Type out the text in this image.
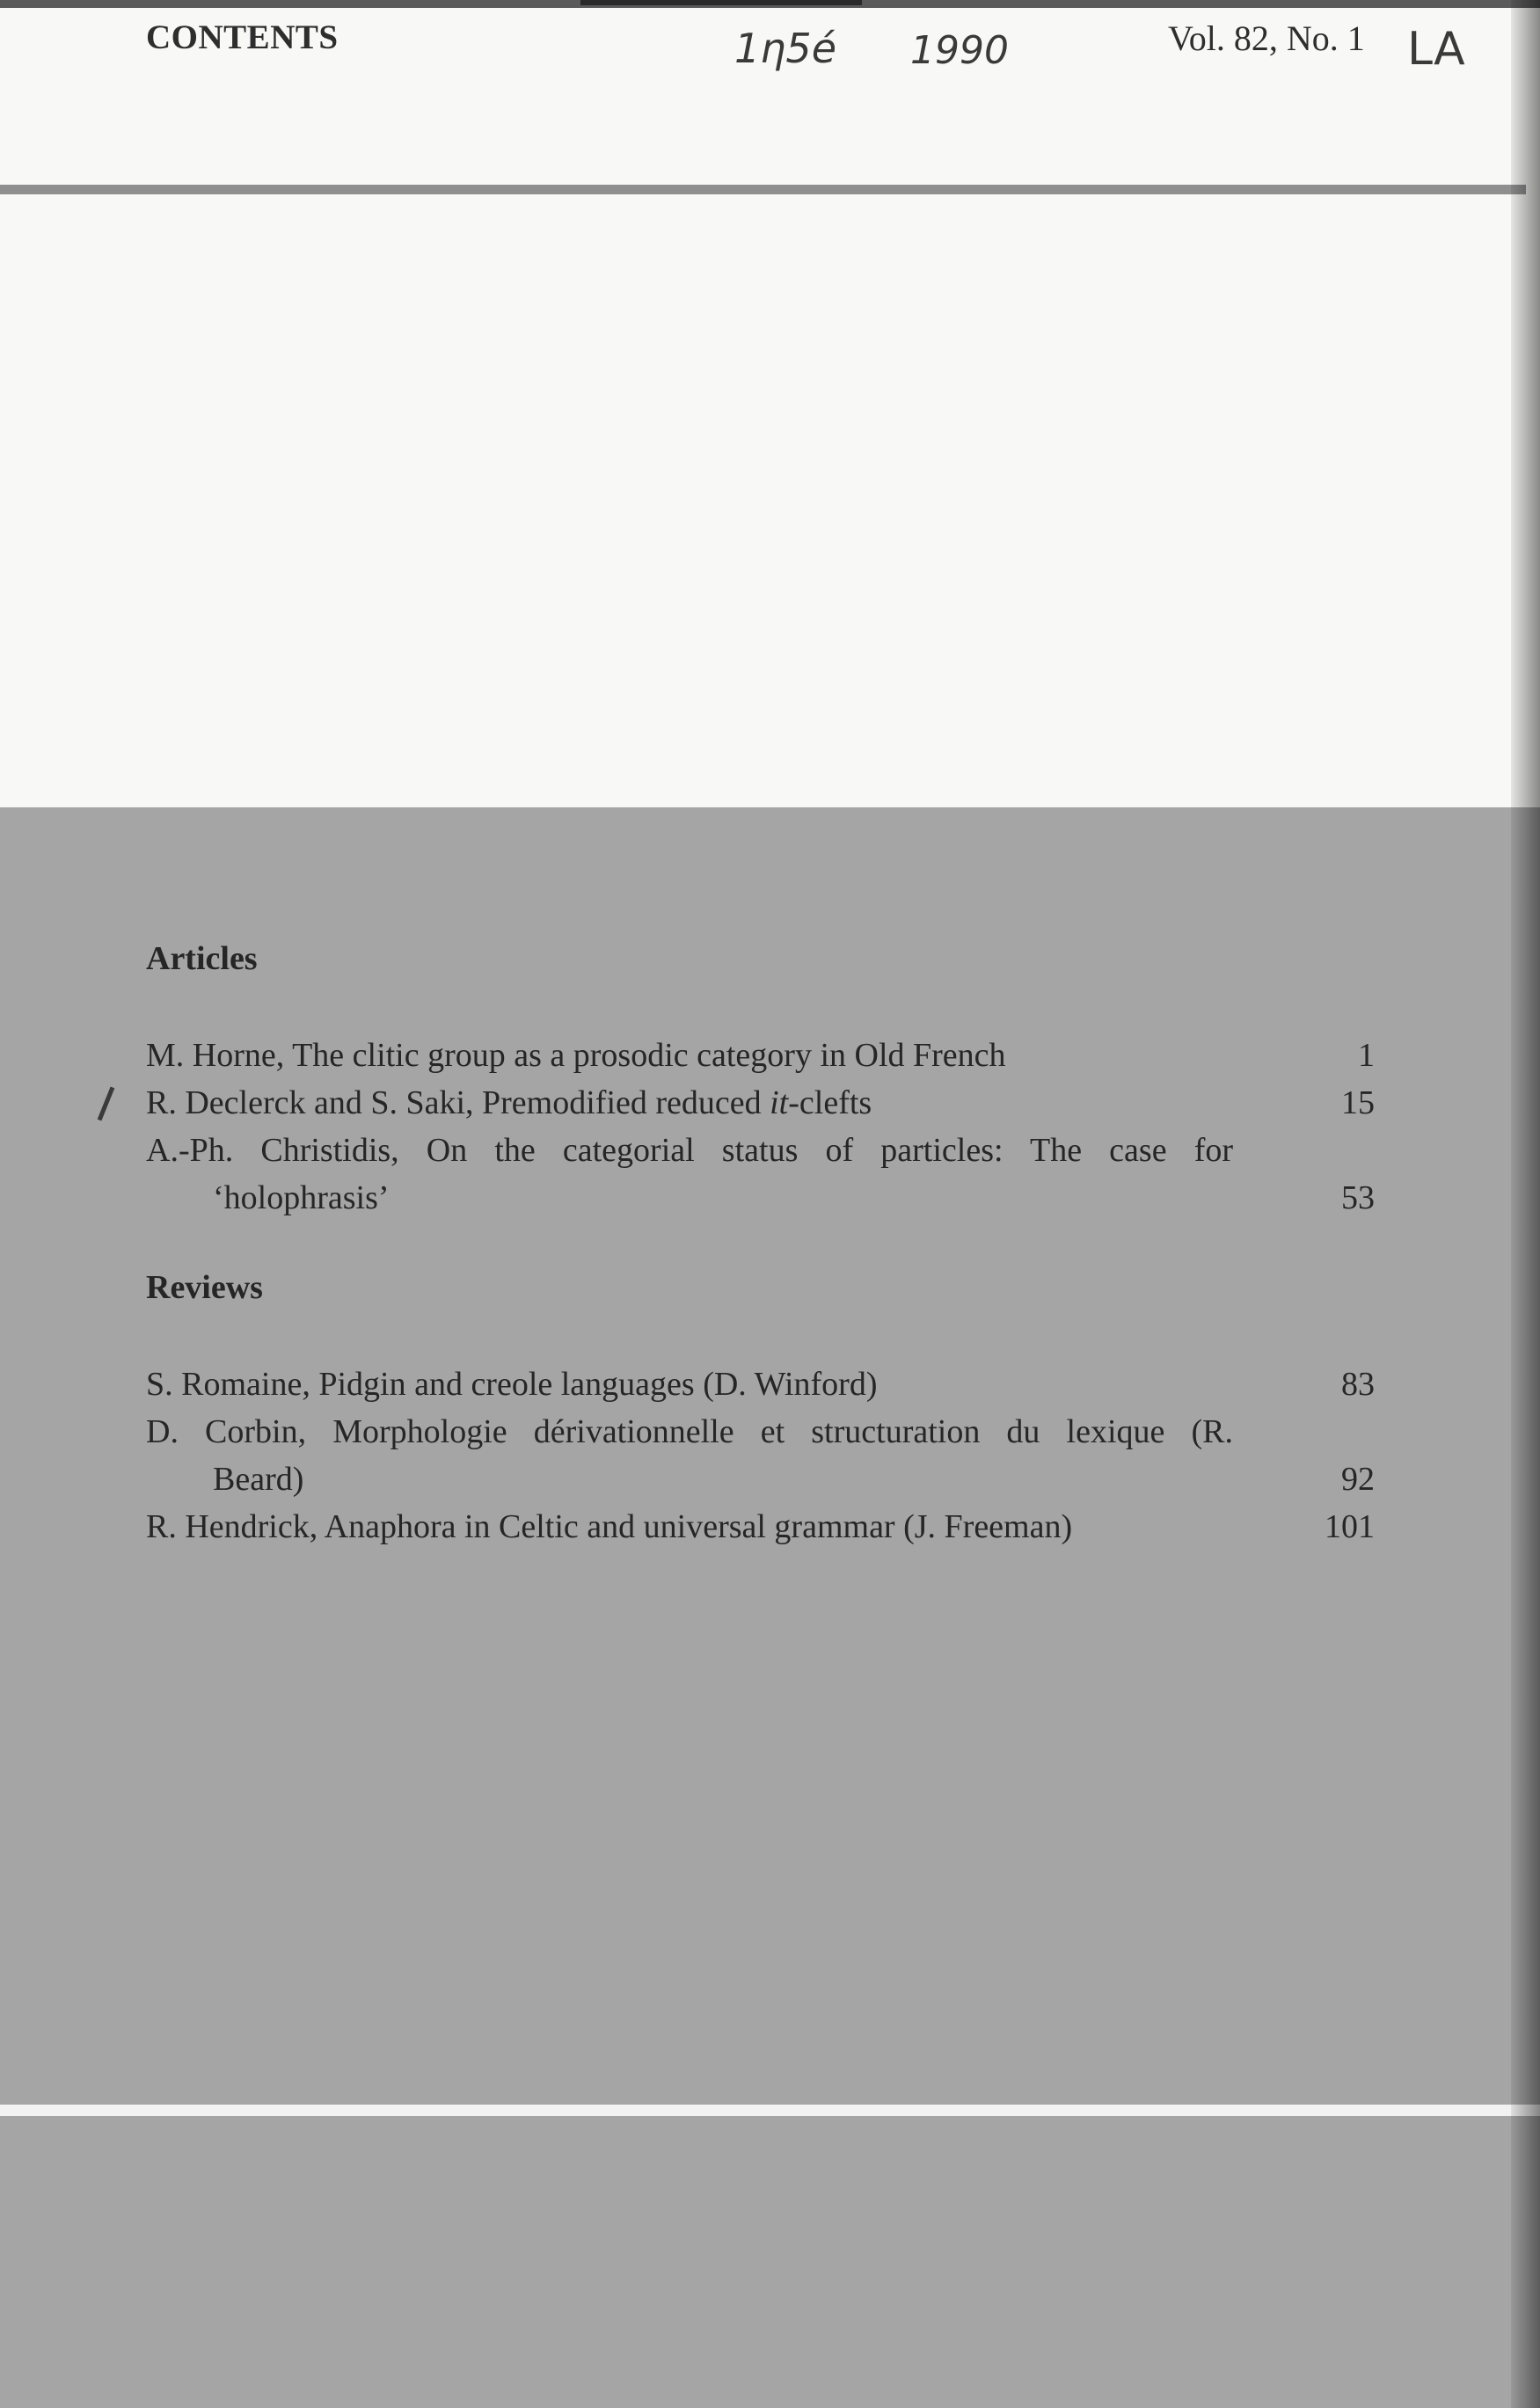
CONTENTS	Vol. 82, No. 1
1η5é 1990	LA
Articles
M. Horne, The clitic group as a prosodic category in Old French	1
R. Declerck and S. Saki, Premodified reduced it-clefts	15
A.-Ph. Christidis, On the categorial status of particles: The case for
‘holophrasis’	53
Reviews
S. Romaine, Pidgin and creole languages (D. Winford)	83
D. Corbin, Morphologie dérivationnelle et structuration du lexique (R.
Beard)	92
R. Hendrick, Anaphora in Celtic and universal grammar (J. Freeman)	101
